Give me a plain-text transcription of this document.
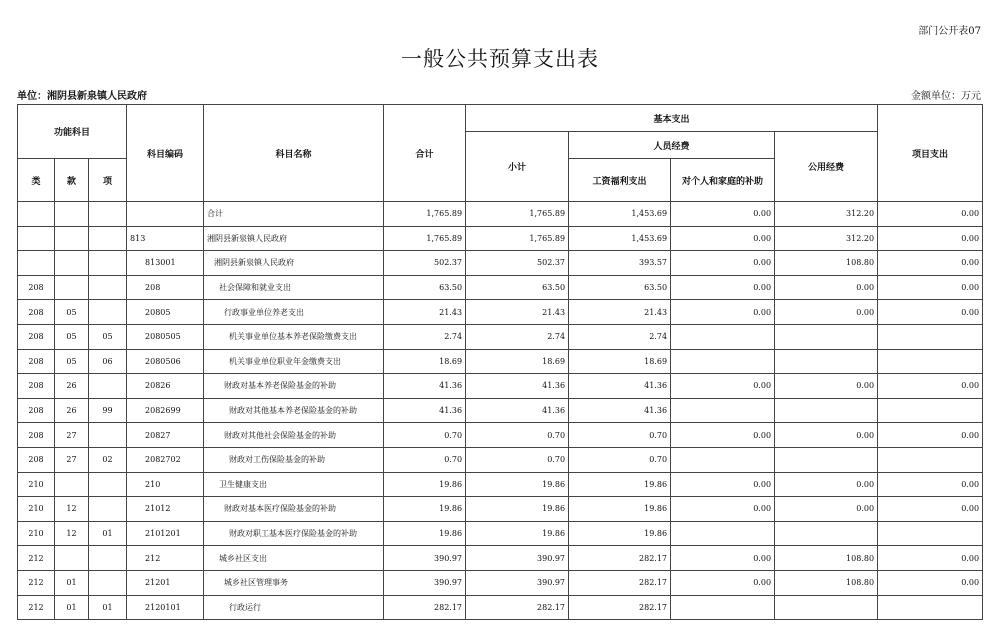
部门公开表07
一般公共预算支出表
单位：湘阴县新泉镇人民政府	金额单位：万元
功能科目			科目编码	科目名称	合计	基本支出				项目支出
						小计	人员经费		公用经费	
类	款	项					工资福利支出	对个人和家庭的补助		
				合计	1,765.89	1,765.89	1,453.69	0.00	312.20	0.00
			813	湘阴县新泉镇人民政府	1,765.89	1,765.89	1,453.69	0.00	312.20	0.00
			813001	湘阴县新泉镇人民政府	502.37	502.37	393.57	0.00	108.80	0.00
208			208	社会保障和就业支出	63.50	63.50	63.50	0.00	0.00	0.00
208	05		20805	行政事业单位养老支出	21.43	21.43	21.43	0.00	0.00	0.00
208	05	05	2080505	机关事业单位基本养老保险缴费支出	2.74	2.74	2.74			
208	05	06	2080506	机关事业单位职业年金缴费支出	18.69	18.69	18.69			
208	26		20826	财政对基本养老保险基金的补助	41.36	41.36	41.36	0.00	0.00	0.00
208	26	99	2082699	财政对其他基本养老保险基金的补助	41.36	41.36	41.36			
208	27		20827	财政对其他社会保险基金的补助	0.70	0.70	0.70	0.00	0.00	0.00
208	27	02	2082702	财政对工伤保险基金的补助	0.70	0.70	0.70			
210			210	卫生健康支出	19.86	19.86	19.86	0.00	0.00	0.00
210	12		21012	财政对基本医疗保险基金的补助	19.86	19.86	19.86	0.00	0.00	0.00
210	12	01	2101201	财政对职工基本医疗保险基金的补助	19.86	19.86	19.86			
212			212	城乡社区支出	390.97	390.97	282.17	0.00	108.80	0.00
212	01		21201	城乡社区管理事务	390.97	390.97	282.17	0.00	108.80	0.00
212	01	01	2120101	行政运行	282.17	282.17	282.17			
